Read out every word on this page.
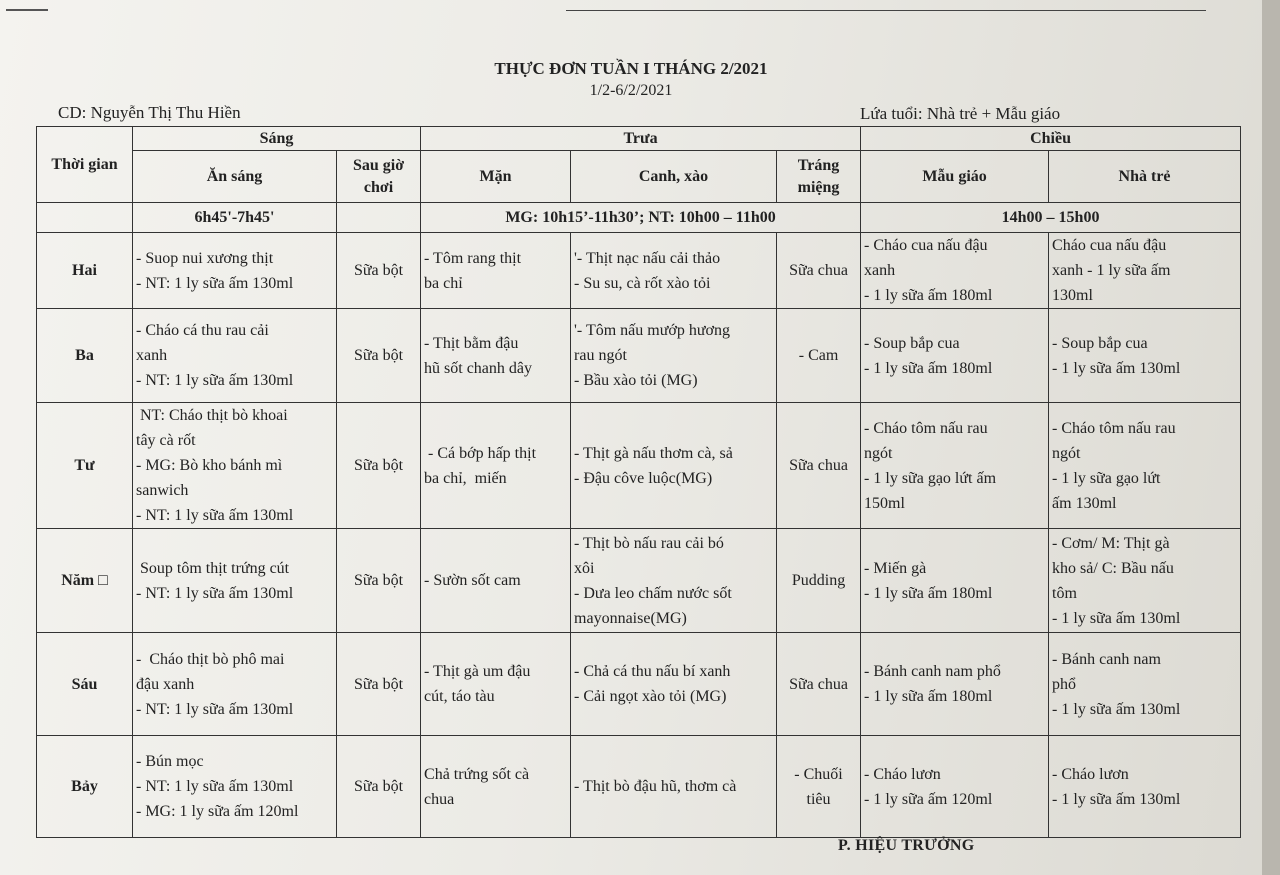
THỰC ĐƠN TUẦN I THÁNG 2/2021
1/2-6/2/2021
CD: Nguyễn Thị Thu Hiền	Lứa tuổi: Nhà trẻ + Mẫu giáo
Thời gian	Sáng		Trưa			Chiều	
	Ăn sáng	Sau giờ chơi	Mặn	Canh, xào	Tráng miệng	Mẫu giáo	Nhà trẻ
	6h45'-7h45'		MG: 10h15’-11h30’; NT: 10h00 – 11h00			14h00 – 15h00	
Hai	- Suop nui xương thịt
- NT: 1 ly sữa ấm 130ml	Sữa bột	- Tôm rang thịt
ba chỉ	'- Thịt nạc nấu cải thảo
- Su su, cà rốt xào tỏi	Sữa chua	- Cháo cua nấu đậu
xanh
- 1 ly sữa ấm 180ml	Cháo cua nấu đậu
xanh - 1 ly sữa ấm
130ml

Ba	- Cháo cá thu rau cải
xanh
- NT: 1 ly sữa ấm 130ml	Sữa bột	- Thịt bằm đậu
hũ sốt chanh dây	'- Tôm nấu mướp hương
rau ngót
- Bầu xào tỏi (MG)	- Cam	- Soup bắp cua
- 1 ly sữa ấm 180ml	- Soup bắp cua
- 1 ly sữa ấm 130ml

Tư	NT: Cháo thịt bò khoai
tây cà rốt
- MG: Bò kho bánh mì
sanwich
- NT: 1 ly sữa ấm 130ml	Sữa bột	- Cá bớp hấp thịt
ba chỉ,  miến	- Thịt gà nấu thơm cà, sả
- Đậu côve luộc(MG)	Sữa chua	- Cháo tôm nấu rau
ngót
- 1 ly sữa gạo lứt ấm
150ml	- Cháo tôm nấu rau
ngót
- 1 ly sữa gạo lứt
ấm 130ml

Năm □	Soup tôm thịt trứng cút
- NT: 1 ly sữa ấm 130ml	Sữa bột	- Sườn sốt cam	- Thịt bò nấu rau cải bó
xôi
- Dưa leo chấm nước sốt
mayonnaise(MG)	Pudding	- Miến gà
- 1 ly sữa ấm 180ml	- Cơm/ M: Thịt gà
kho sả/ C: Bầu nấu
tôm
- 1 ly sữa ấm 130ml

Sáu	-  Cháo thịt bò phô mai
đậu xanh
- NT: 1 ly sữa ấm 130ml	Sữa bột	- Thịt gà um đậu
cút, táo tàu	- Chả cá thu nấu bí xanh
- Cải ngọt xào tỏi (MG)	Sữa chua	- Bánh canh nam phổ
- 1 ly sữa ấm 180ml	- Bánh canh nam
phổ
- 1 ly sữa ấm 130ml

Bảy	- Bún mọc
- NT: 1 ly sữa ấm 130ml
- MG: 1 ly sữa ấm 120ml	Sữa bột	Chả trứng sốt cà
chua	- Thịt bò đậu hũ, thơm cà	- Chuối
tiêu	- Cháo lươn
- 1 ly sữa ấm 120ml	- Cháo lươn
- 1 ly sữa ấm 130ml
P. HIỆU TRƯỞNG
